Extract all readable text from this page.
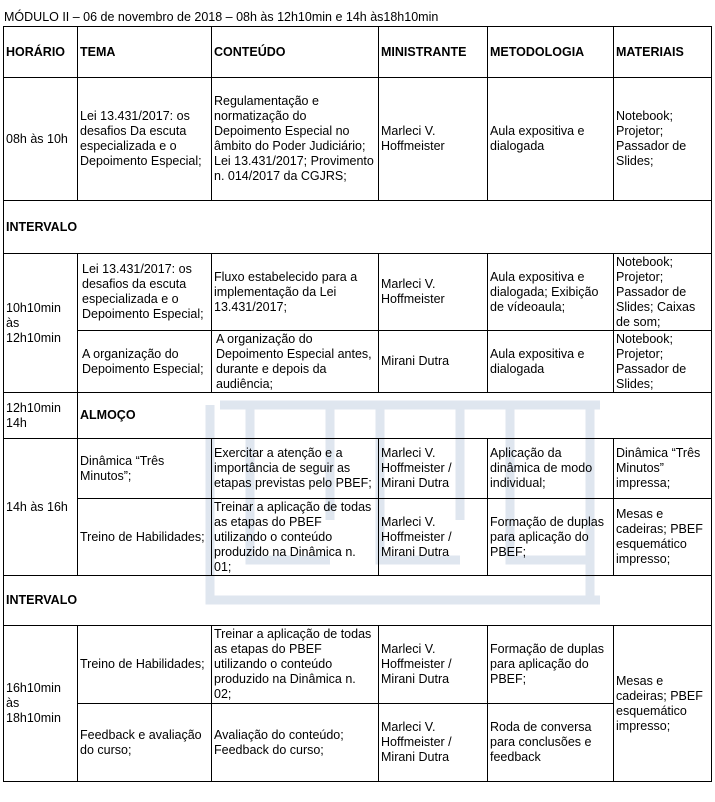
MÓDULO II – 06 de novembro de 2018 – 08h às 12h10min e 14h às18h10min
HORÁRIO	TEMA	CONTEÚDO	MINISTRANTE	METODOLOGIA	MATERIAIS
08h às 10h	Lei 13.431/2017: os desafios Da escuta especializada e o Depoimento Especial;	Regulamentação e normatização do Depoimento Especial no âmbito do Poder Judiciário; Lei 13.431/2017; Provimento n. 014/2017 da CGJRS;	Marleci V. Hoffmeister	Aula expositiva e dialogada	Notebook; Projetor; Passador de Slides;
INTERVALO					
10h10min às 12h10min	Lei 13.431/2017: os desafios da escuta especializada e o Depoimento Especial;	Fluxo estabelecido para a implementação da Lei 13.431/2017;	Marleci V. Hoffmeister	Aula expositiva e dialogada; Exibição de vídeoaula;	Notebook; Projetor; Passador de Slides; Caixas de som;
	A organização do Depoimento Especial;	A organização do Depoimento Especial antes, durante e depois da audiência;	Mirani Dutra	Aula expositiva e dialogada	Notebook; Projetor; Passador de Slides;
12h10min 14h	ALMOÇO				
14h às 16h	Dinâmica “Três Minutos”;	Exercitar a atenção e a importância de seguir as etapas previstas pelo PBEF;	Marleci V. Hoffmeister / Mirani Dutra	Aplicação da dinâmica de modo individual;	Dinâmica “Três Minutos” impressa;
	Treino de Habilidades;	Treinar a aplicação de todas as etapas do PBEF utilizando o conteúdo produzido na Dinâmica n. 01;	Marleci V. Hoffmeister / Mirani Dutra	Formação de duplas para aplicação do PBEF;	Mesas e cadeiras; PBEF esquemático impresso;
INTERVALO					
16h10min às 18h10min	Treino de Habilidades;	Treinar a aplicação de todas as etapas do PBEF utilizando o conteúdo produzido na Dinâmica n. 02;	Marleci V. Hoffmeister / Mirani Dutra	Formação de duplas para aplicação do PBEF;	Mesas e cadeiras; PBEF esquemático impresso;
	Feedback e avaliação do curso;	Avaliação do conteúdo; Feedback do curso;	Marleci V. Hoffmeister / Mirani Dutra	Roda de conversa para conclusões e feedback	
